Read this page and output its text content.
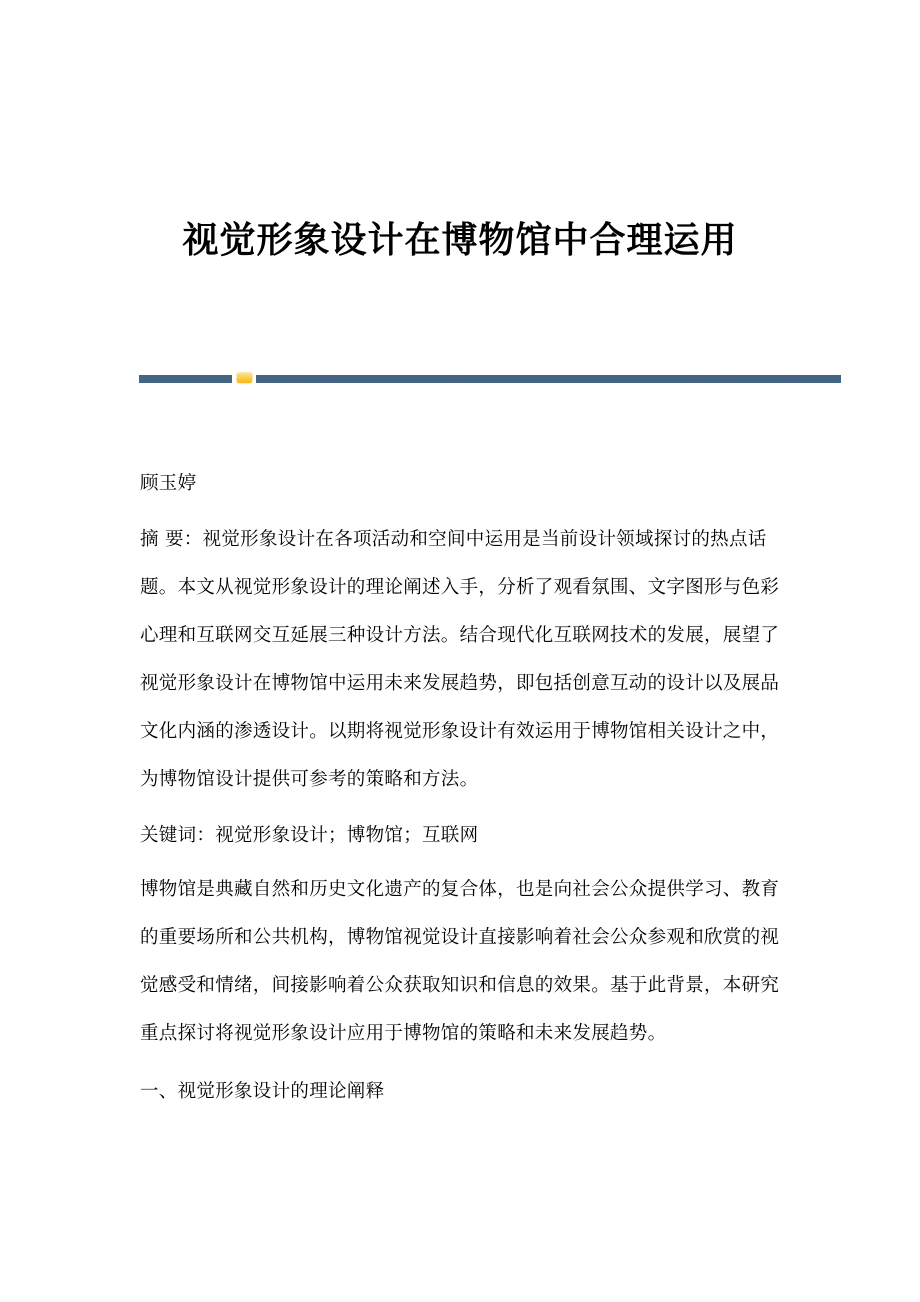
视觉形象设计在博物馆中合理运用
顾玉婷
摘 要：视觉形象设计在各项活动和空间中运用是当前设计领域探讨的热点话
题。本文从视觉形象设计的理论阐述入手，分析了观看氛围、文字图形与色彩
心理和互联网交互延展三种设计方法。结合现代化互联网技术的发展，展望了
视觉形象设计在博物馆中运用未来发展趋势，即包括创意互动的设计以及展品
文化内涵的渗透设计。以期将视觉形象设计有效运用于博物馆相关设计之中，
为博物馆设计提供可参考的策略和方法。
关键词：视觉形象设计；博物馆；互联网
博物馆是典藏自然和历史文化遗产的复合体，也是向社会公众提供学习、教育
的重要场所和公共机构，博物馆视觉设计直接影响着社会公众参观和欣赏的视
觉感受和情绪，间接影响着公众获取知识和信息的效果。基于此背景，本研究
重点探讨将视觉形象设计应用于博物馆的策略和未来发展趋势。
一、视觉形象设计的理论阐释
